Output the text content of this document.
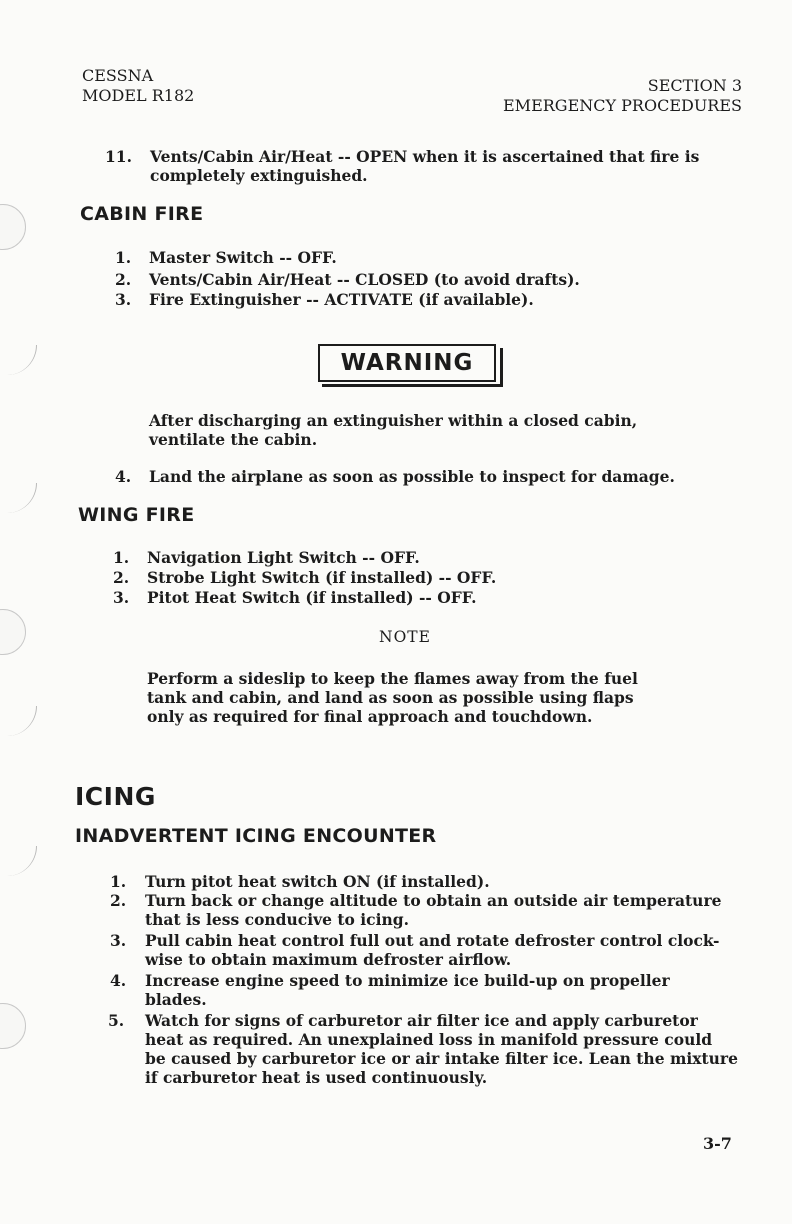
CESSNA
MODEL R182
SECTION 3
EMERGENCY PROCEDURES
11. Vents/Cabin Air/Heat -- OPEN when it is ascertained that fire is
completely extinguished.
CABIN FIRE
1.	Master Switch -- OFF.
2.	Vents/Cabin Air/Heat -- CLOSED (to avoid drafts).
3.	Fire Extinguisher -- ACTIVATE (if available).
WARNING
After discharging an extinguisher within a closed cabin,
ventilate the cabin.
4.	Land the airplane as soon as possible to inspect for damage.
WING FIRE
1.	Navigation Light Switch -- OFF.
2.	Strobe Light Switch (if installed) -- OFF.
3.	Pitot Heat Switch (if installed) -- OFF.
NOTE
Perform a sideslip to keep the flames away from the fuel
tank and cabin, and land as soon as possible using flaps
only as required for final approach and touchdown.
ICING
INADVERTENT ICING ENCOUNTER
1.	Turn pitot heat switch ON (if installed).
2.	Turn back or change altitude to obtain an outside air temperature
that is less conducive to icing.
3.	Pull cabin heat control full out and rotate defroster control clock-
wise to obtain maximum defroster airflow.
4.	Increase engine speed to minimize ice build-up on propeller
blades.
5.	Watch for signs of carburetor air filter ice and apply carburetor
heat as required. An unexplained loss in manifold pressure could
be caused by carburetor ice or air intake filter ice. Lean the mixture
if carburetor heat is used continuously.
3-7
